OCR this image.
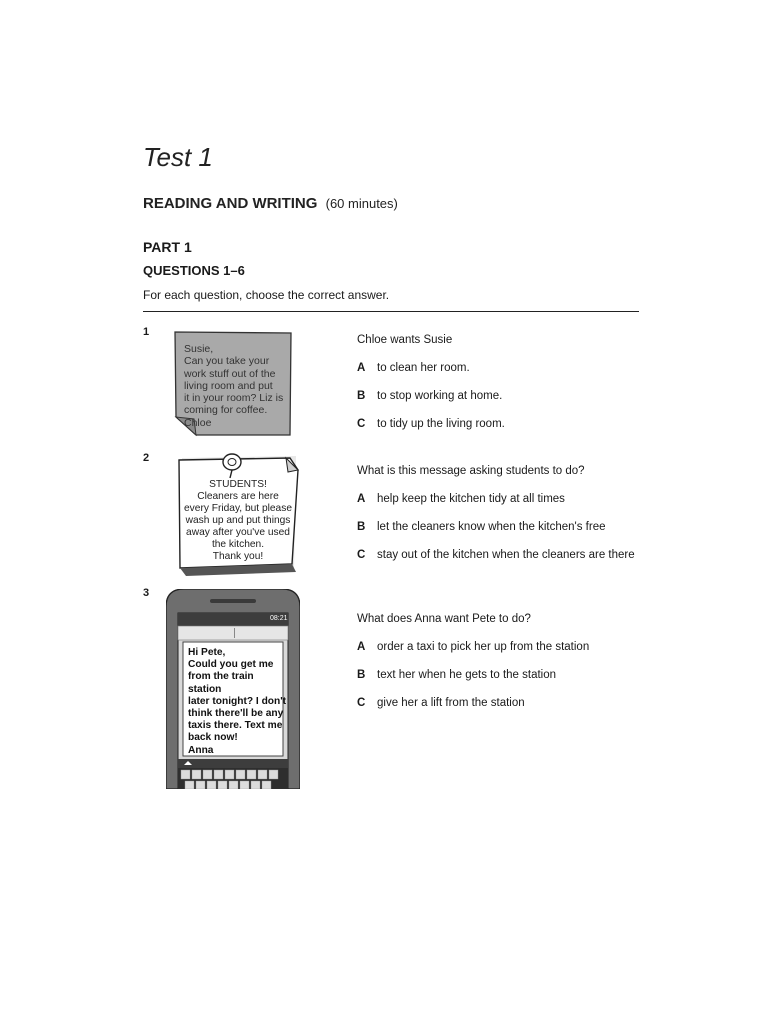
Test 1
READING AND WRITING (60 minutes)
PART 1
QUESTIONS 1–6
For each question, choose the correct answer.
1
Susie,
Can you take your
work stuff out of the
living room and put
it in your room? Liz is
coming for coffee.
Chloe
Chloe wants Susie
A to clean her room.
B to stop working at home.
C to tidy up the living room.
2
STUDENTS!
Cleaners are here
every Friday, but please
wash up and put things
away after you've used
the kitchen.
Thank you!
What is this message asking students to do?
A help keep the kitchen tidy at all times
B let the cleaners know when the kitchen's free
C stay out of the kitchen when the cleaners are there
3
08:21
Hi Pete,
Could you get me
from the train station
later tonight? I don't
think there'll be any
taxis there. Text me
back now!
Anna
What does Anna want Pete to do?
A order a taxi to pick her up from the station
B text her when he gets to the station
C give her a lift from the station
